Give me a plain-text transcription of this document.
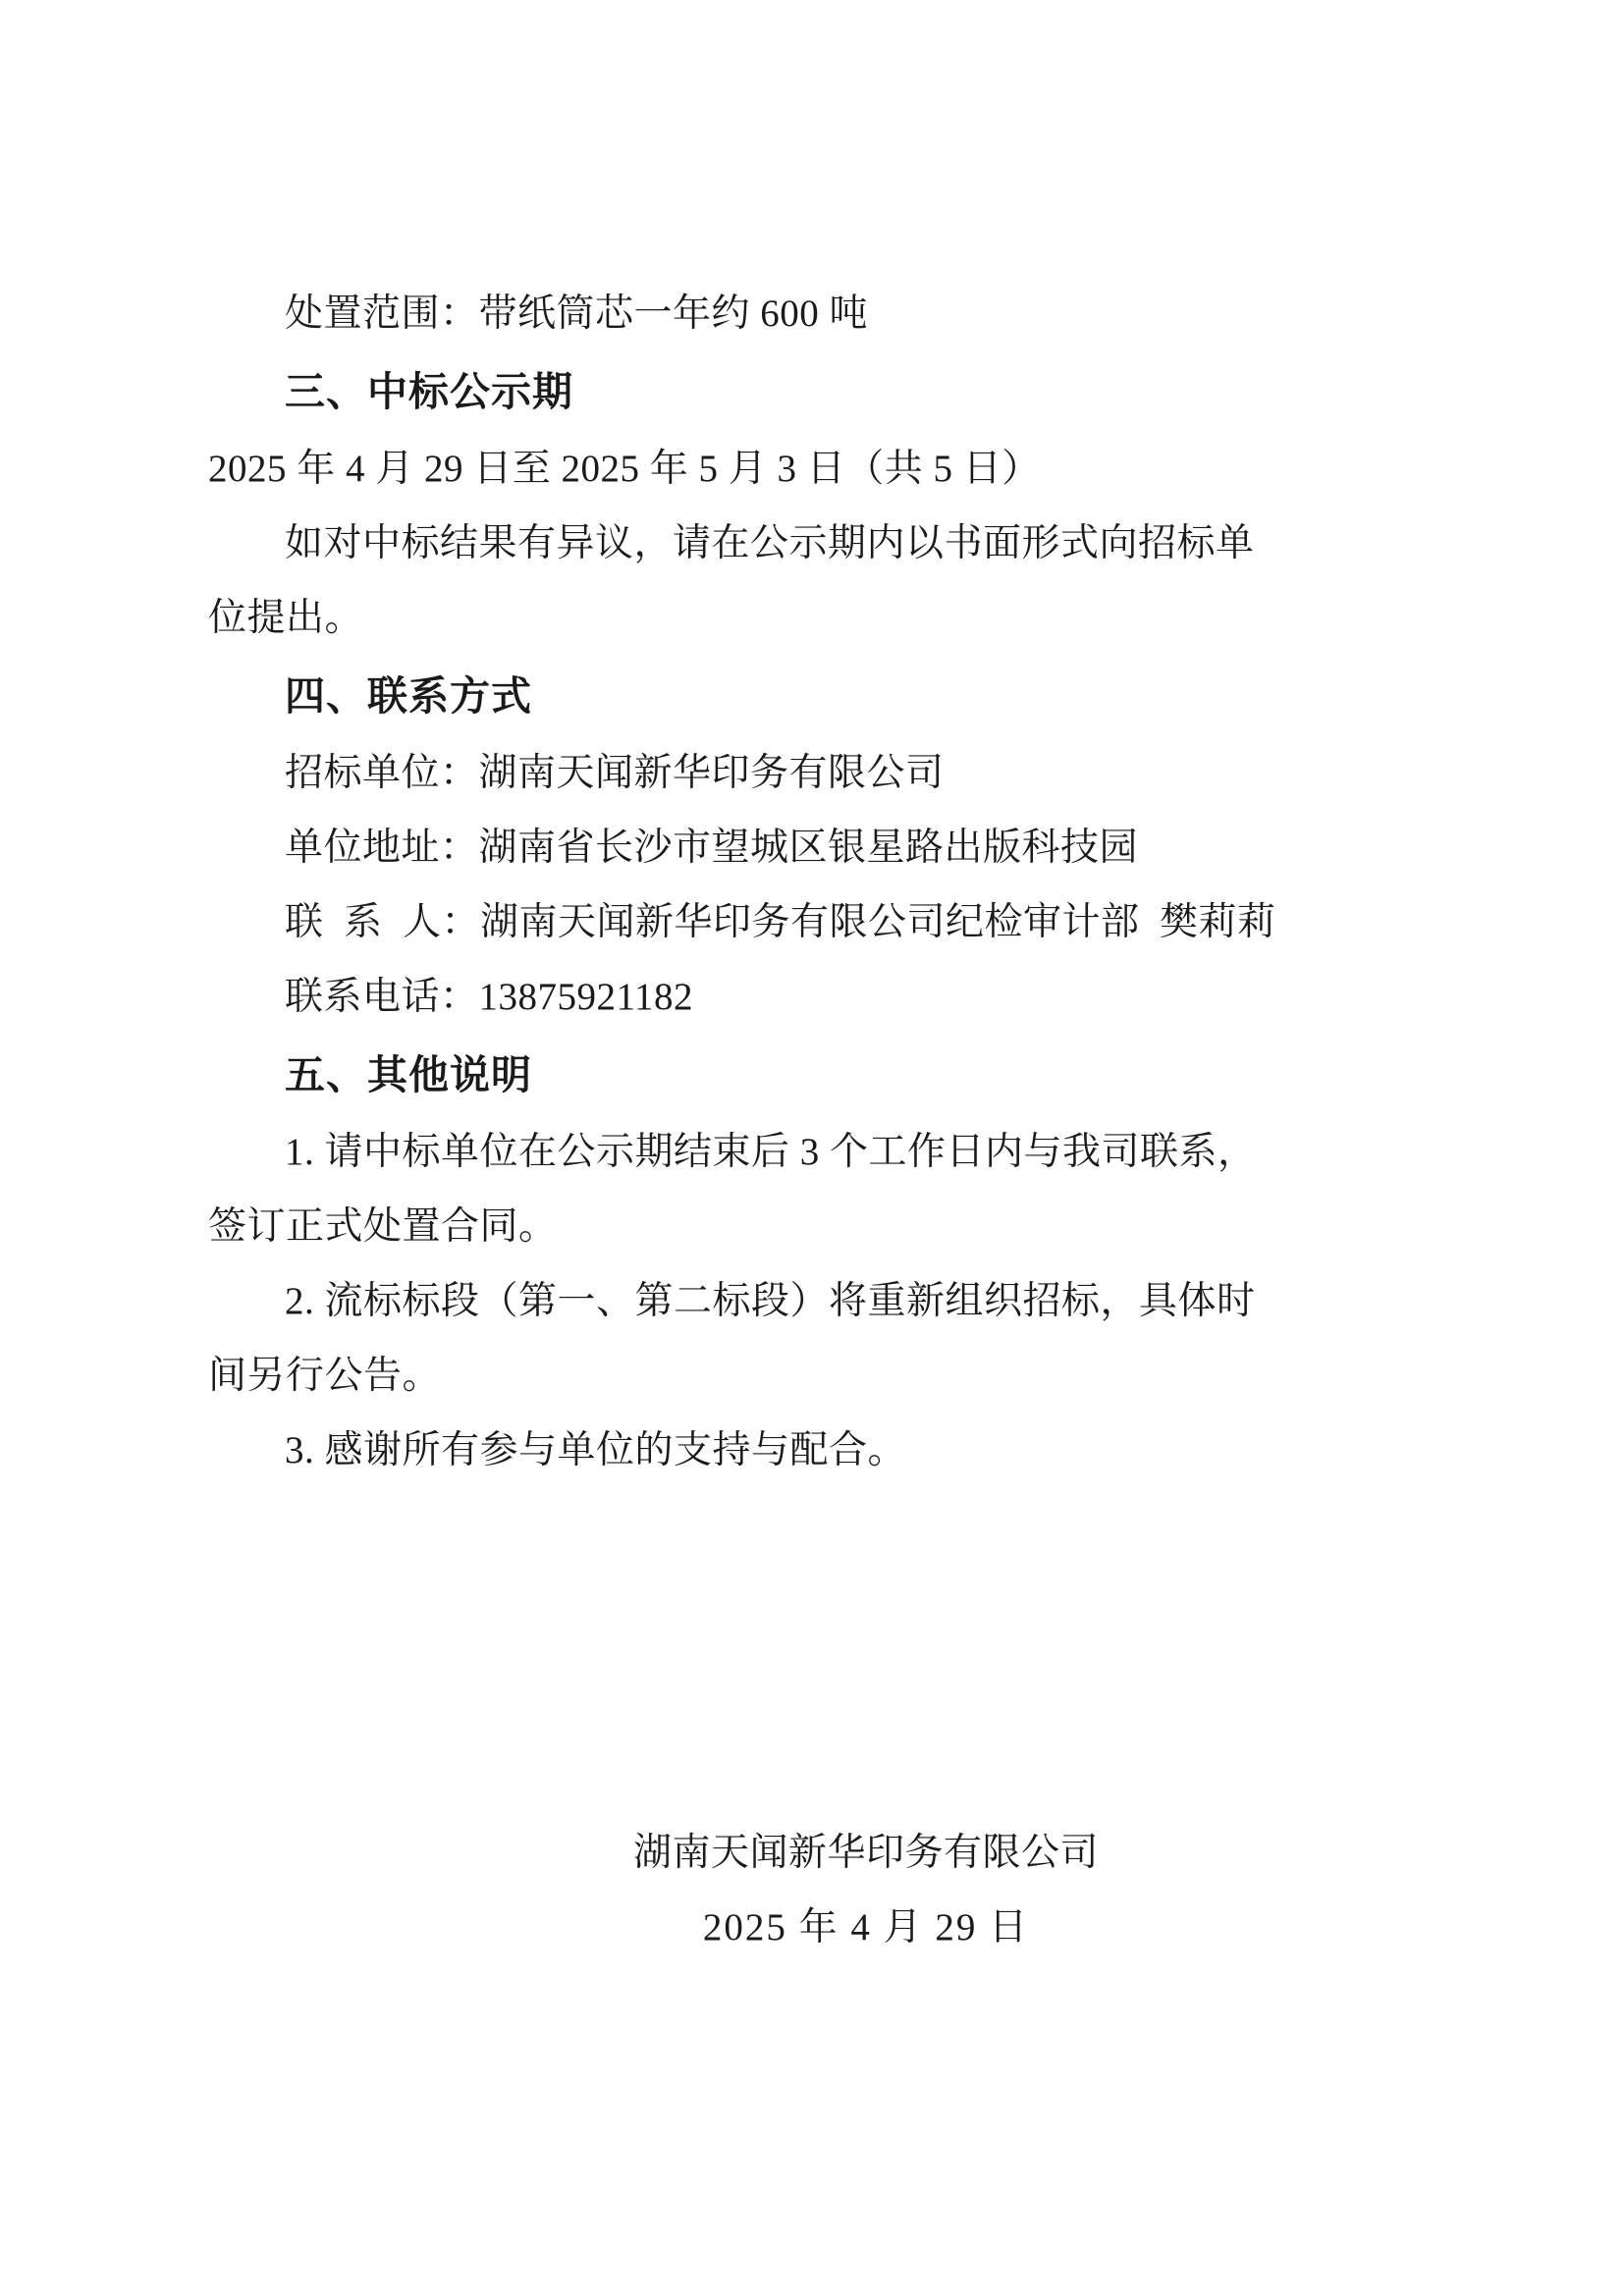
处置范围：带纸筒芯一年约 600 吨
三、中标公示期
2025 年 4 月 29 日至 2025 年 5 月 3 日（共 5 日）
如对中标结果有异议，请在公示期内以书面形式向招标单
位提出。
四、联系方式
招标单位：湖南天闻新华印务有限公司
单位地址：湖南省长沙市望城区银星路出版科技园
联  系  人：湖南天闻新华印务有限公司纪检审计部  樊莉莉
联系电话：13875921182
五、其他说明
1. 请中标单位在公示期结束后 3 个工作日内与我司联系，
签订正式处置合同。
2. 流标标段（第一、第二标段）将重新组织招标，具体时
间另行公告。
3. 感谢所有参与单位的支持与配合。
湖南天闻新华印务有限公司
2025 年 4 月 29 日
